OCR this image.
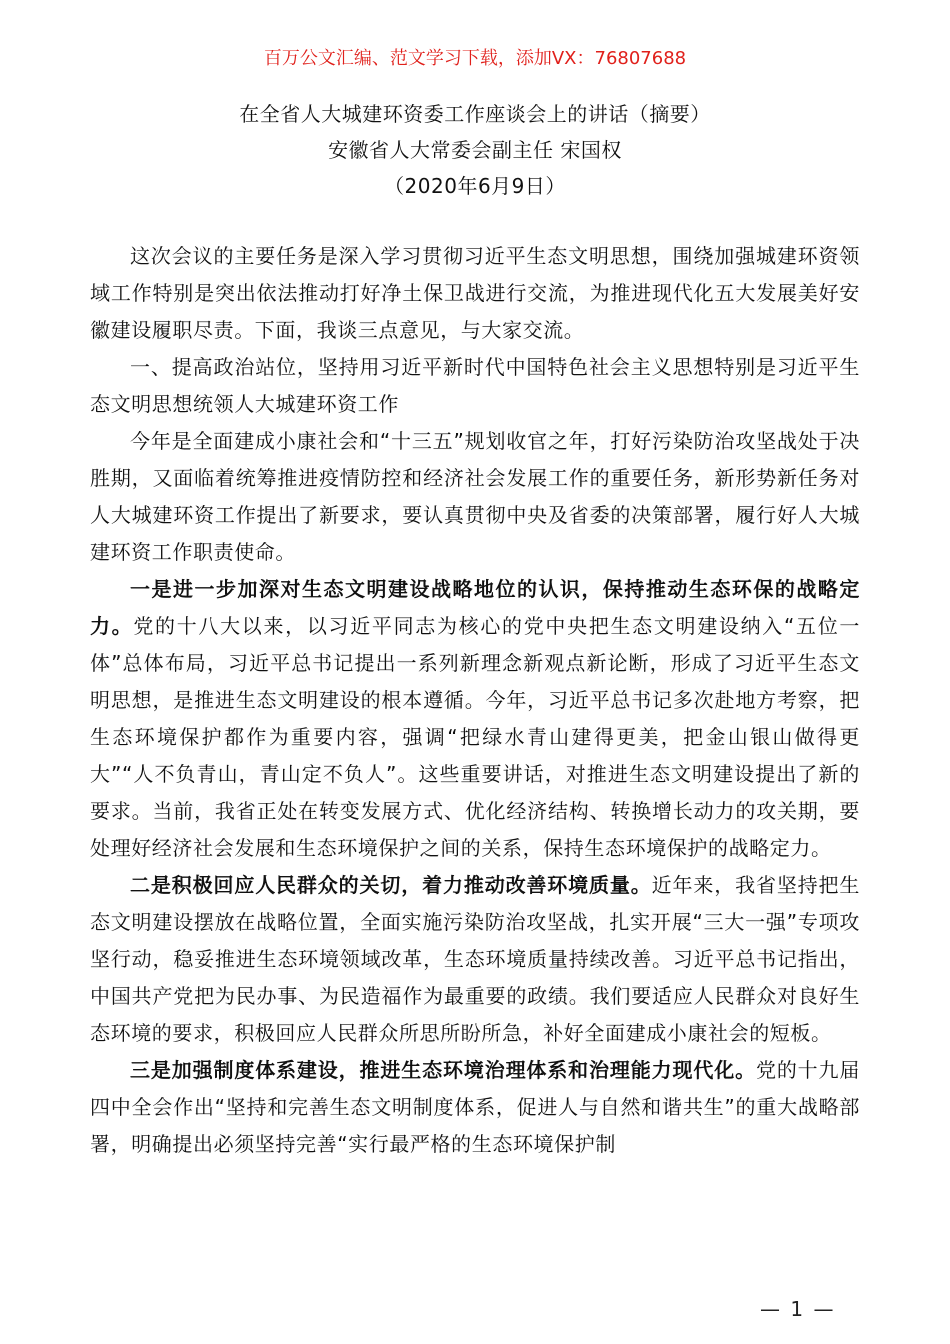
百万公文汇编、范文学习下载，添加VX：76807688
在全省人大城建环资委工作座谈会上的讲话（摘要）
安徽省人大常委会副主任 宋国权
（2020年6月9日）

这次会议的主要任务是深入学习贯彻习近平生态文明思想，围绕加强城建环资领域工作特别是突出依法推动打好净土保卫战进行交流，为推进现代化五大发展美好安徽建设履职尽责。下面，我谈三点意见，与大家交流。

一、提高政治站位，坚持用习近平新时代中国特色社会主义思想特别是习近平生态文明思想统领人大城建环资工作

今年是全面建成小康社会和“十三五”规划收官之年，打好污染防治攻坚战处于决胜期，又面临着统筹推进疫情防控和经济社会发展工作的重要任务，新形势新任务对人大城建环资工作提出了新要求，要认真贯彻中央及省委的决策部署，履行好人大城建环资工作职责使命。

一是进一步加深对生态文明建设战略地位的认识，保持推动生态环保的战略定力。党的十八大以来，以习近平同志为核心的党中央把生态文明建设纳入“五位一体”总体布局，习近平总书记提出一系列新理念新观点新论断，形成了习近平生态文明思想，是推进生态文明建设的根本遵循。今年，习近平总书记多次赴地方考察，把生态环境保护都作为重要内容，强调“把绿水青山建得更美，把金山银山做得更大”“人不负青山，青山定不负人”。这些重要讲话，对推进生态文明建设提出了新的要求。当前，我省正处在转变发展方式、优化经济结构、转换增长动力的攻关期，要处理好经济社会发展和生态环境保护之间的关系，保持生态环境保护的战略定力。

二是积极回应人民群众的关切，着力推动改善环境质量。近年来，我省坚持把生态文明建设摆放在战略位置，全面实施污染防治攻坚战，扎实开展“三大一强”专项攻坚行动，稳妥推进生态环境领域改革，生态环境质量持续改善。习近平总书记指出，中国共产党把为民办事、为民造福作为最重要的政绩。我们要适应人民群众对良好生态环境的要求，积极回应人民群众所思所盼所急，补好全面建成小康社会的短板。

三是加强制度体系建设，推进生态环境治理体系和治理能力现代化。党的十九届四中全会作出“坚持和完善生态文明制度体系，促进人与自然和谐共生”的重大战略部署，明确提出必须坚持完善“实行最严格的生态环境保护制

— 1 —
